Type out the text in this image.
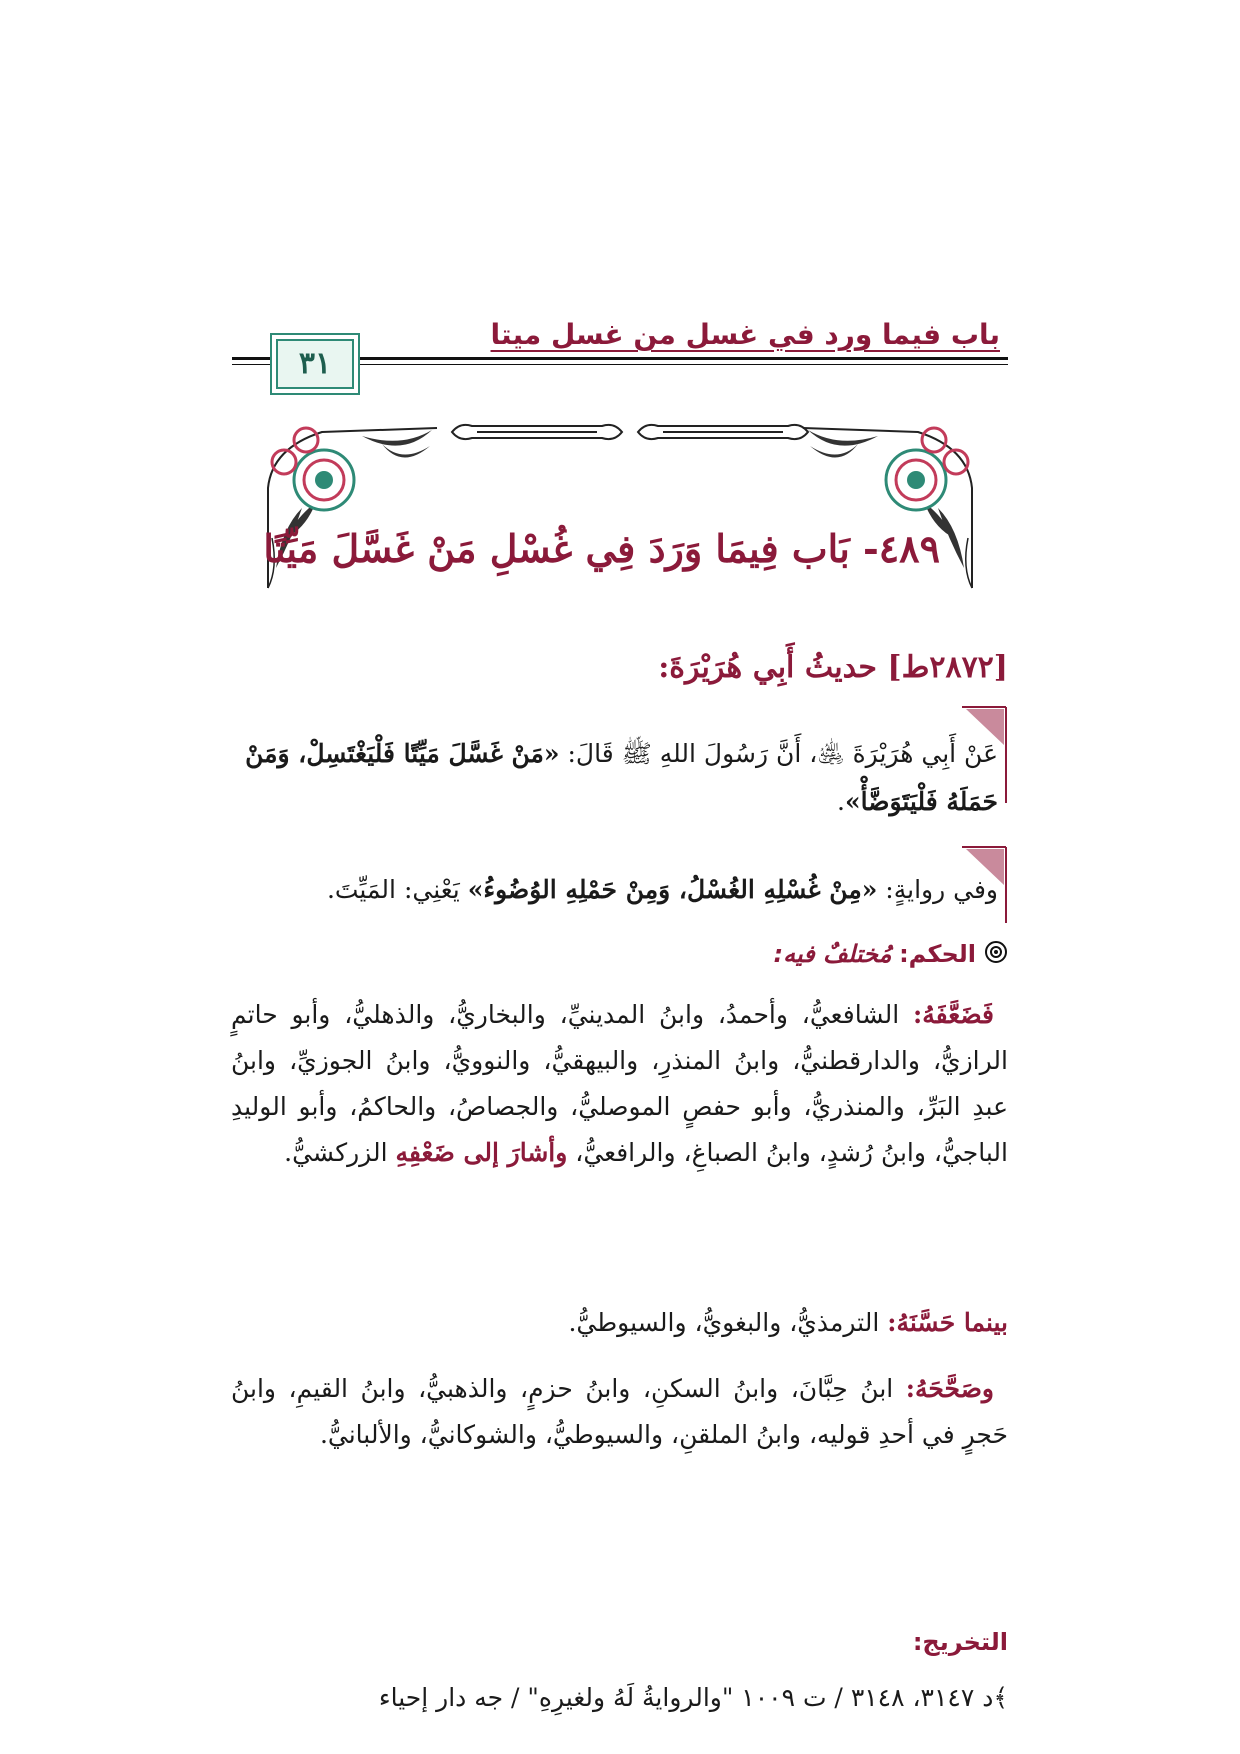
باب فيما ورد في غسل من غسل ميتا
٣١
٤٨٩- بَاب فِيمَا وَرَدَ فِي غُسْلِ مَنْ غَسَّلَ مَيِّتًا
[٢٨٧٢ط] حديثُ أَبِي هُرَيْرَةَ:
عَنْ أَبِي هُرَيْرَةَ ﵁، أَنَّ رَسُولَ اللهِ ﷺ قَالَ: «مَنْ غَسَّلَ مَيِّتًا فَلْيَغْتَسِلْ، وَمَنْ حَمَلَهُ فَلْيَتَوَضَّأْ».
وفي روايةٍ: «مِنْ غُسْلِهِ الغُسْلُ، وَمِنْ حَمْلِهِ الوُضُوءُ» يَعْنِي: المَيِّتَ.
الحكم: مُختلفٌ فيه:
فَضَعَّفَهُ: الشافعيُّ، وأحمدُ، وابنُ المدينيِّ، والبخاريُّ، والذهليُّ، وأبو حاتمٍ الرازيُّ، والدارقطنيُّ، وابنُ المنذرِ، والبيهقيُّ، والنوويُّ، وابنُ الجوزيِّ، وابنُ عبدِ البَرِّ، والمنذريُّ، وأبو حفصٍ الموصليُّ، والجصاصُ، والحاكمُ، وأبو الوليدِ الباجيُّ، وابنُ رُشدٍ، وابنُ الصباغِ، والرافعيُّ، وأشارَ إلى ضَعْفِهِ الزركشيُّ.
بينما حَسَّنَهُ: الترمذيُّ، والبغويُّ، والسيوطيُّ.
وصَحَّحَهُ: ابنُ حِبَّانَ، وابنُ السكنِ، وابنُ حزمٍ، والذهبيُّ، وابنُ القيمِ، وابنُ حَجرٍ في أحدِ قوليه، وابنُ الملقنِ، والسيوطيُّ، والشوكانيُّ، والألبانيُّ.
التخريج:
﴾د ٣١٤٧، ٣١٤٨ / ت ١٠٠٩ "والروايةُ لَهُ ولغيرِهِ" / جه دار إحياء
